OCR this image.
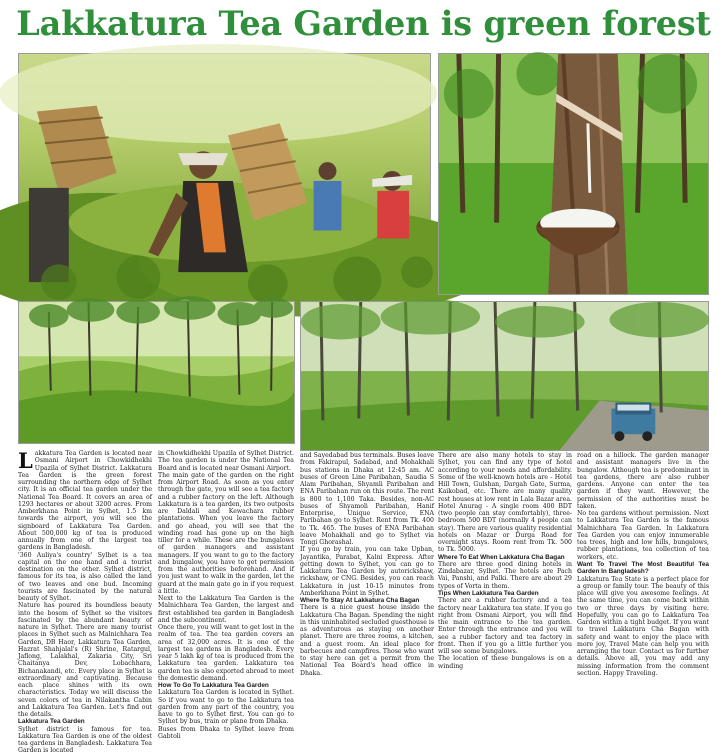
Lakkatura Tea Garden is green forest
L akkatura Tea Garden is located near Osmani Airport in Chowkidhekhi Upazila of Sylhet District. Lakkatura Tea Garden is the green forest surrounding the northern edge of Sylhet city. It is an official tea garden under the National Tea Board. It covers an area of 1293 hectares or about 3200 acres. From Amberkhana Point in Sylhet, 1.5 km towards the airport, you will see the signboard of Lakkatura Tea Garden. About 500,000 kg of tea is produced annually from one of the largest tea gardens in Bangladesh.

'360 Auliya's country' Sylhet is a tea capital on the one hand and a tourist destination on the other. Sylhet district, famous for its tea, is also called the land of two leaves and one bud. Incoming tourists are fascinated by the natural beauty of Sylhet.

Nature has poured its boundless beauty into the bosom of Sylhet so the visitors fascinated by the abundant beauty of nature in Sylhet. There are many tourist places in Sylhet such as Malnichhara Tea Garden, DB Haor, Lakkatura Tea Garden, Hazrat Shahjalal's (R) Shrine, Ratargul, Jaflong, Lalakhal, Zakaria City, Sri Chaitanya Dev, Lobachhara, Bichanakandi, etc. Every place in Sylhet is extraordinary and captivating. Because each place shines with its own characteristics. Today we will discuss the seven colors of tea in Nilakantha Cabin and Lakkatura Tea Garden. Let's find out the details.

Lakkatura Tea Garden

Sylhet district is famous for tea. Lakkatura Tea Garden is one of the oldest tea gardens in Bangladesh. Lakkatura Tea Garden is located

in Chowkidhekhi Upazila of Sylhet District. The tea garden is under the National Tea Board and is located near Osmani Airport.

The main gate of the garden on the right from Airport Road. As soon as you enter through the gate, you will see a tea factory and a rubber factory on the left. Although Lakkatura is a tea garden, its two outposts are Daldali and Kewachara rubber plantations. When you leave the factory and go ahead, you will see that the winding road has gone up on the high tiller for a while. These are the bungalows of garden managers and assistant managers. If you want to go to the factory and bungalow, you have to get permission from the authorities beforehand. And if you just want to walk in the garden, let the guard at the main gate go in if you request a little.

Next to the Lakkatura Tea Garden is the Malnichhara Tea Garden, the largest and first established tea garden in Bangladesh and the subcontinent.

Once there, you will want to get lost in the realm of tea. The tea garden covers an area of 32,000 acres. It is one of the largest tea gardens in Bangladesh. Every year 5 lakh kg of tea is produced from the Lakkatura tea garden. Lakkatura tea garden tea is also exported abroad to meet the domestic demand.

How To Go To Lakkatura Tea Garden

Lakkatura Tea Garden is located in Sylhet. So if you want to go to the Lakkatura tea garden from any part of the country, you have to go to Sylhet first. You can go to Sylhet by bus, train or plane from Dhaka.

Buses from Dhaka to Sylhet leave from Gabtoli

and Sayedabad bus terminals. Buses leave from Fakirapul, Sadabad, and Mohakhali bus stations in Dhaka at 12:45 am. AC buses of Green Line Paribahan, Saudia S Alam Paribahan, Shyamli Paribahan and ENA Paribahan run on this route. The rent is 800 to 1,100 Taka. Besides, non-AC buses of Shyamoli Paribahan, Hanif Enterprise, Unique Service, ENA Paribahan go to Sylhet. Rent from Tk. 400 to Tk. 465. The buses of ENA Paribahan leave Mohakhali and go to Sylhet via Tongi Ghorashal.

If you go by train, you can take Upban, Jayantika, Parabat, Kalni Express. After getting down to Sylhet, you can go to Lakkatura Tea Garden by autorickshaw, rickshaw, or CNG. Besides, you can reach Lakkatura in just 10-15 minutes from Amberkhana Point in Sylhet.

Where To Stay At Lakkatura Cha Bagan

There is a nice guest house inside the Lakkatura Cha Bagan. Spending the night in this uninhabited secluded guesthouse is as adventurous as staying on another planet. There are three rooms, a kitchen, and a guest room. An ideal place for barbecues and campfires. Those who want to stay here can get a permit from the National Tea Board's head office in Dhaka.

There are also many hotels to stay in Sylhet, you can find any type of hotel according to your needs and affordability. Some of the well-known hotels are - Hotel Hill Town, Gulshan, Dargah Gate, Surma, Kaikobad, etc. There are many quality rest houses at low rent in Lala Bazar area. Hotel Anurag - A single room 400 BDT (two people can stay comfortably), three-bedroom 500 BDT (normally 4 people can stay). There are various quality residential hotels on Mazar or Durga Road for overnight stays. Room rent from Tk. 500 to Tk. 5000.

Where To Eat When Lakkatura Cha Bagan

There are three good dining hotels in Zindabazar, Sylhet. The hotels are Pach Vai, Panshi, and Palki. There are about 29 types of Vorta in them.

Tips When Lakkatura Tea Garden

There are a rubber factory and a tea factory near Lakkatura tea state. If you go right from Osmani Airport, you will find the main entrance to the tea garden. Enter through the entrance and you will see a rubber factory and tea factory in front. Then if you go a little further you will see some bungalows.

The location of these bungalows is on a winding

road on a hillock. The garden manager and assistant managers live in the bungalow. Although tea is predominant in tea gardens, there are also rubber gardens. Anyone can enter the tea garden if they want. However, the permission of the authorities must be taken.

No tea gardens without permission. Next to Lakkatura Tea Garden is the famous Malnichhara Tea Garden. In Lakkatura Tea Garden you can enjoy innumerable tea trees, high and low hills, bungalows, rubber plantations, tea collection of tea workers, etc.

Want To Travel The Most Beautiful Tea Garden In Bangladesh?

Lakkatura Tea State is a perfect place for a group or family tour. The beauty of this place will give you awesome feelings. At the same time, you can come back within two or three days by visiting here. Hopefully, you can go to Lakkatura Tea Garden within a tight budget. If you want to travel Lakkatura Cha Bagan with safety and want to enjoy the place with more joy, Travel Mate can help you with arranging the tour. Contact us for further details. Above all, you may add any missing information from the comment section. Happy Traveling.
